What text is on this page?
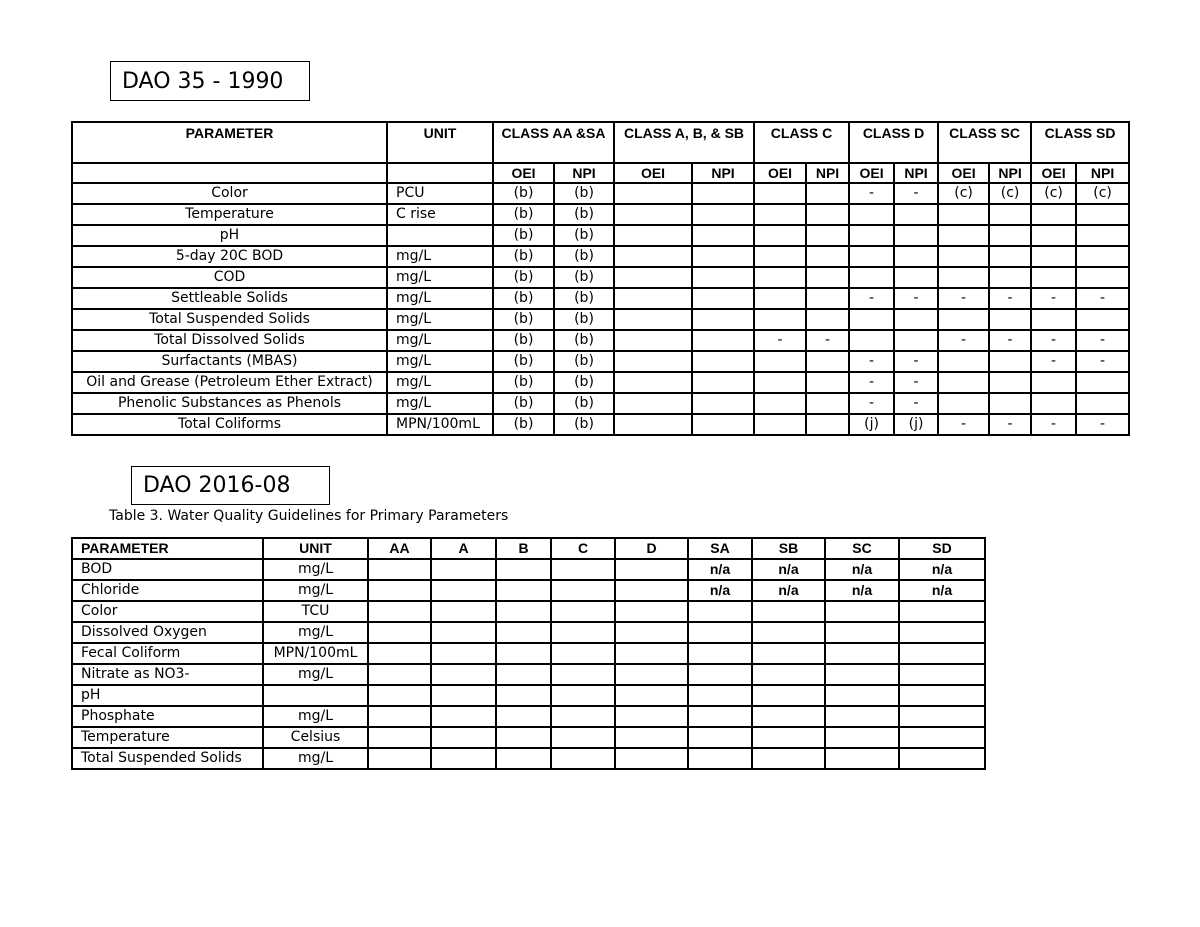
DAO 35 - 1990
PARAMETER	UNIT	CLASS AA &SA		CLASS A, B, & SB		CLASS C		CLASS D		CLASS SC		CLASS SD	
		OEI	NPI	OEI	NPI	OEI	NPI	OEI	NPI	OEI	NPI	OEI	NPI
Color	PCU	(b)	(b)					-	-	(c)	(c)	(c)	(c)
Temperature	C rise	(b)	(b)										
pH		(b)	(b)										
5-day 20C BOD	mg/L	(b)	(b)										
COD	mg/L	(b)	(b)										
Settleable Solids	mg/L	(b)	(b)					-	-	-	-	-	-
Total Suspended Solids	mg/L	(b)	(b)										
Total Dissolved Solids	mg/L	(b)	(b)			-	-			-	-	-	-
Surfactants (MBAS)	mg/L	(b)	(b)					-	-			-	-
Oil and Grease (Petroleum Ether Extract)	mg/L	(b)	(b)					-	-				
Phenolic Substances as Phenols	mg/L	(b)	(b)					-	-				
Total Coliforms	MPN/100mL	(b)	(b)					(j)	(j)	-	-	-	-
DAO 2016-08
Table 3. Water Quality Guidelines for Primary Parameters
PARAMETER	UNIT	AA	A	B	C	D	SA	SB	SC	SD
BOD	mg/L						n/a	n/a	n/a	n/a
Chloride	mg/L						n/a	n/a	n/a	n/a
Color	TCU									
Dissolved Oxygen	mg/L									
Fecal Coliform	MPN/100mL									
Nitrate as NO3-	mg/L									
pH										
Phosphate	mg/L									
Temperature	Celsius									
Total Suspended Solids	mg/L									
